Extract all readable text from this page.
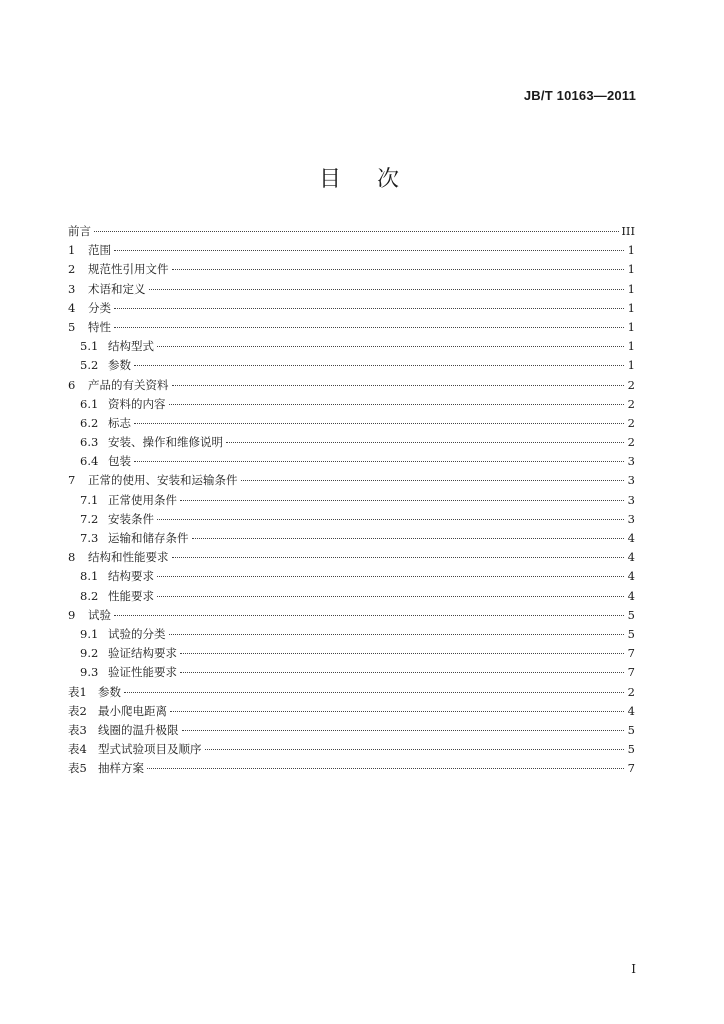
JB/T 10163—2011
目次
前言	III
1	范围	1
2	规范性引用文件	1
3	术语和定义	1
4	分类	1
5	特性	1
5.1 结构型式	1
5.2 参数	1
6	产品的有关资料	2
6.1 资料的内容	2
6.2 标志	2
6.3 安装、操作和维修说明	2
6.4 包装	3
7	正常的使用、安装和运输条件	3
7.1 正常使用条件	3
7.2 安装条件	3
7.3 运输和储存条件	4
8	结构和性能要求	4
8.1 结构要求	4
8.2 性能要求	4
9	试验	5
9.1 试验的分类	5
9.2 验证结构要求	7
9.3 验证性能要求	7
表1 参数	2
表2 最小爬电距离	4
表3 线圈的温升极限	5
表4 型式试验项目及顺序	5
表5 抽样方案	7
I
